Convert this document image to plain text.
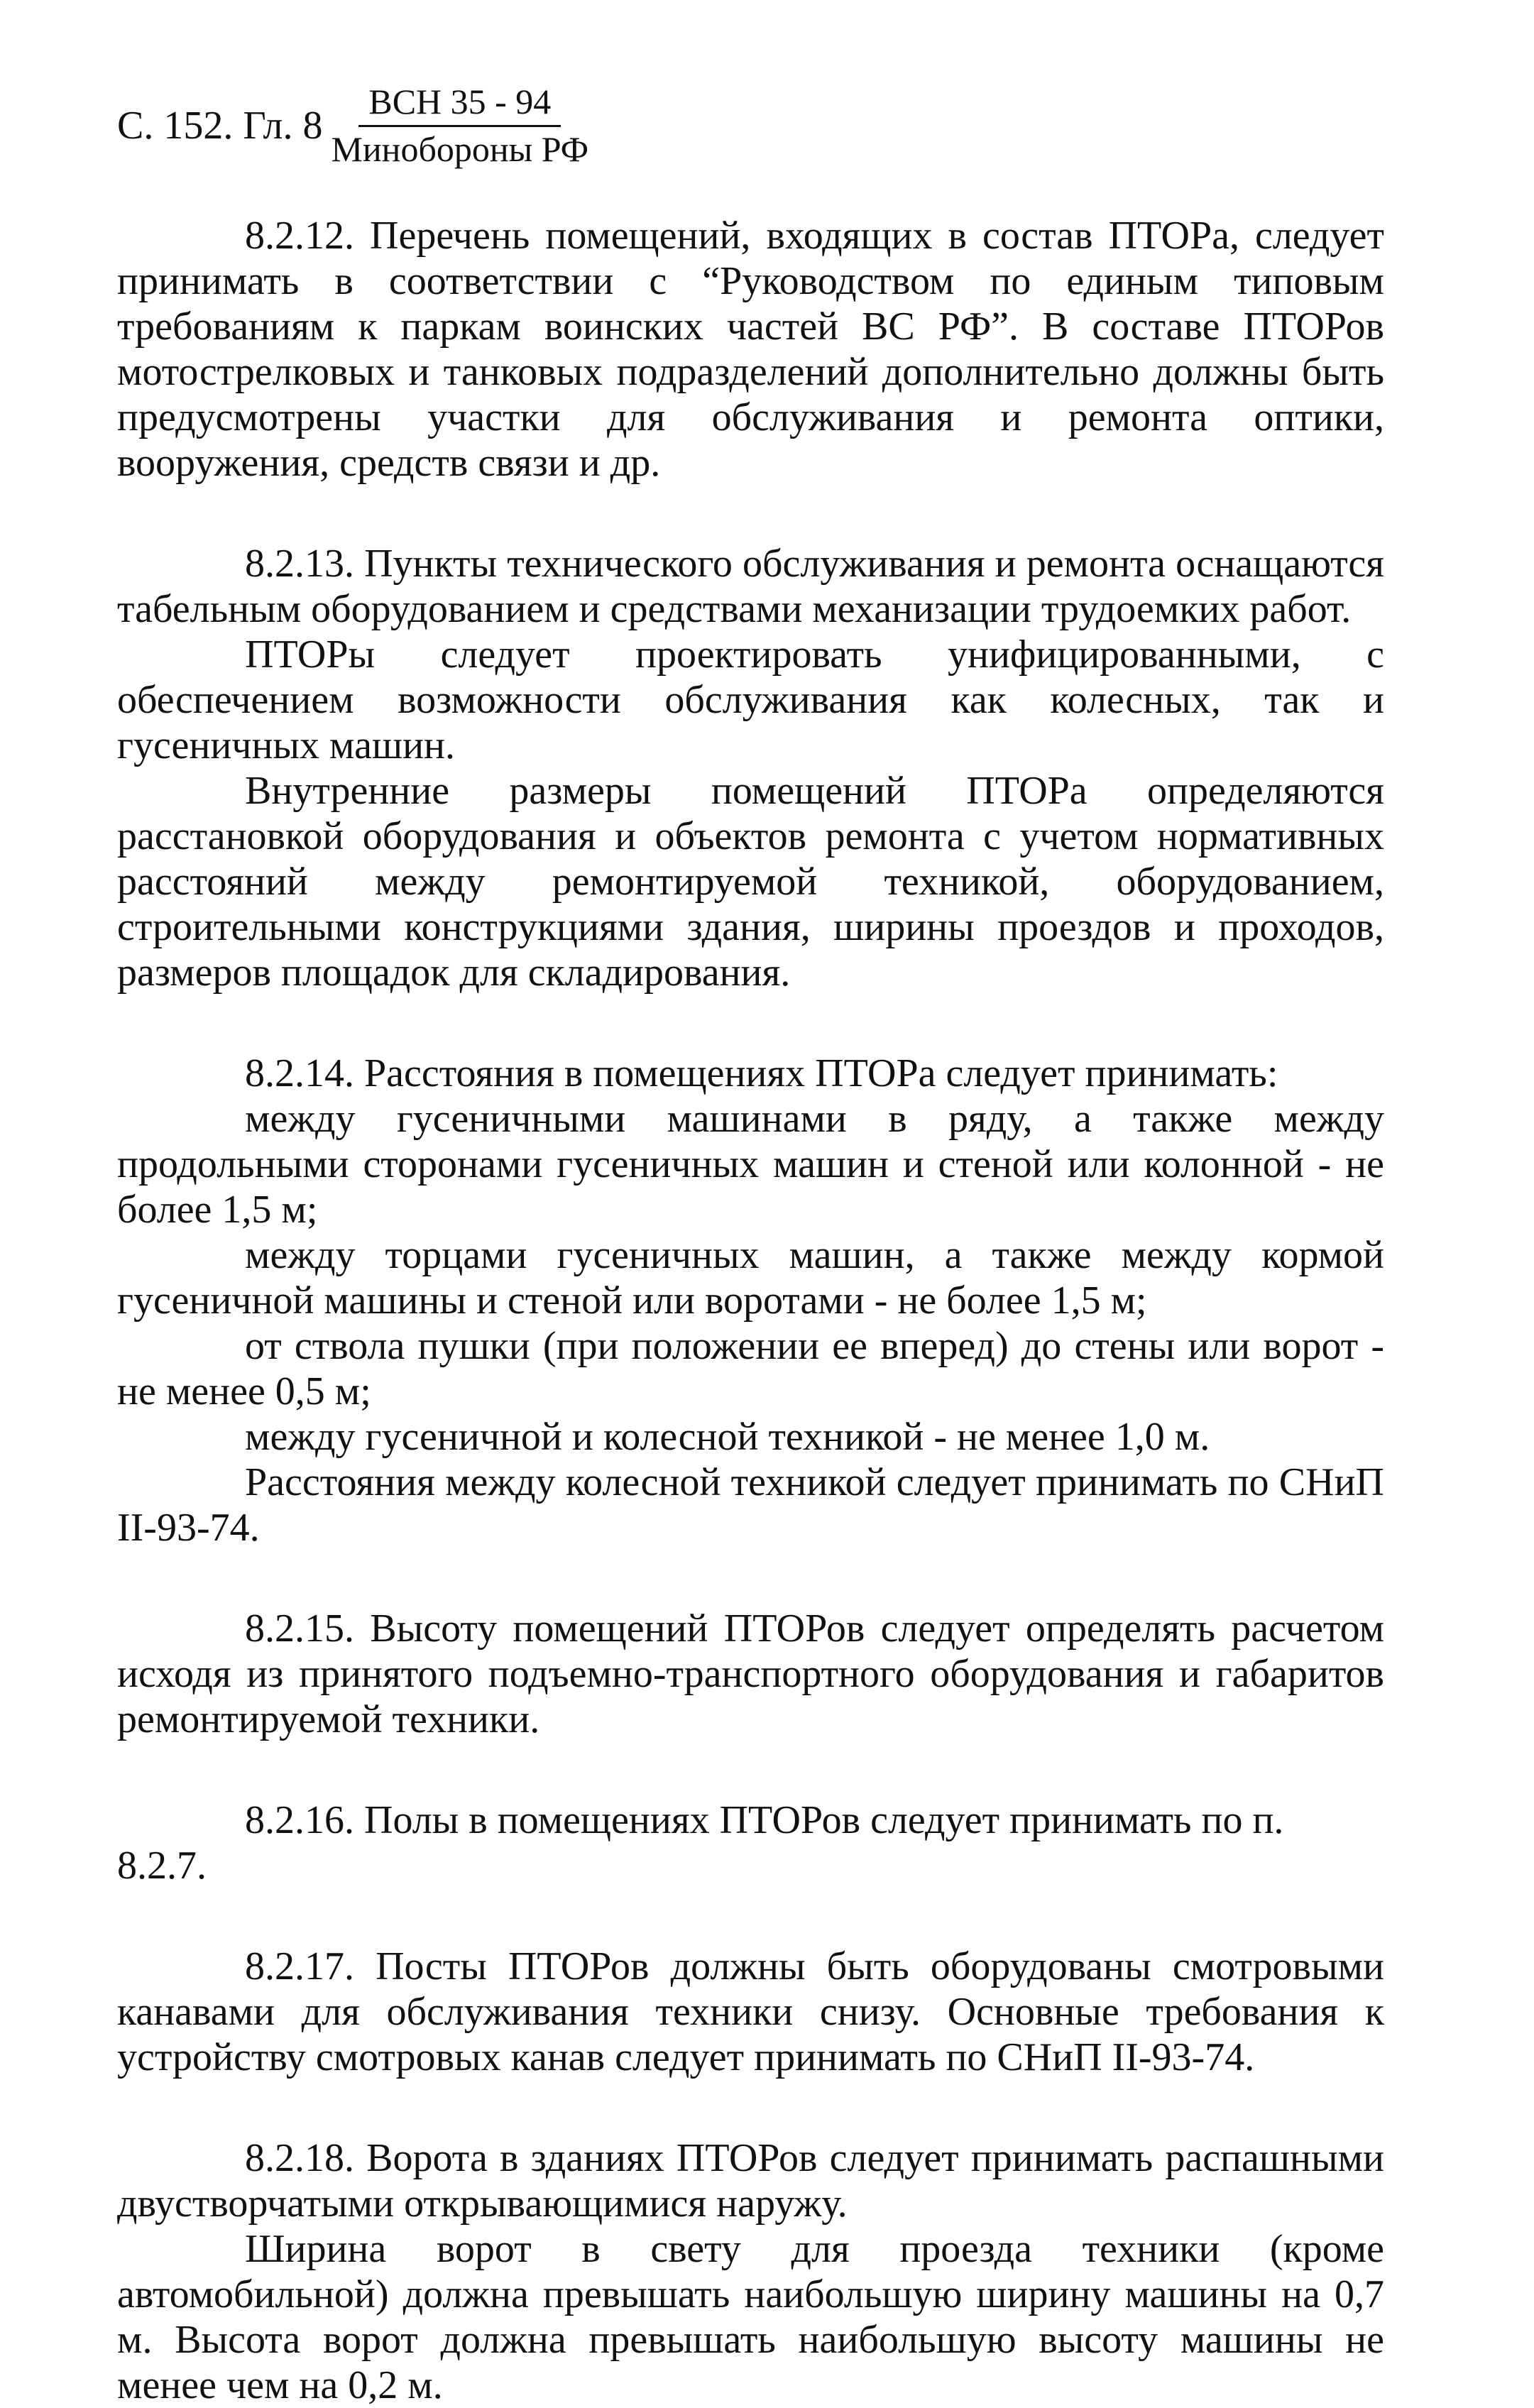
С. 152. Гл. $8 \frac{\text{ВСН 35 - 94}}{\text{Минобороны РФ}}$

8.2.12. Перечень помещений, входящих в состав ПТОРа, следует принимать в соответствии с “Руководством по единым типовым требованиям к паркам воинских частей ВС РФ”. В составе ПТОРов мотострелковых и танковых подразделений дополнительно должны быть предусмотрены участки для обслуживания и ремонта оптики, вооружения, средств связи и др.

8.2.13. Пункты технического обслуживания и ремонта оснащаются табельным оборудованием и средствами механизации трудоемких работ.

ПТОРы следует проектировать унифицированными, с обеспечением возможности обслуживания как колесных, так и гусеничных машин.

Внутренние размеры помещений ПТОРа определяются расстановкой оборудования и объектов ремонта с учетом нормативных расстояний между ремонтируемой техникой, оборудованием, строительными конструкциями здания, ширины проездов и проходов, размеров площадок для складирования.

8.2.14. Расстояния в помещениях ПТОРа следует принимать:

между гусеничными машинами в ряду, а также между продольными сторонами гусеничных машин и стеной или колонной - не более 1,5 м;

между торцами гусеничных машин, а также между кормой гусеничной машины и стеной или воротами - не более 1,5 м;

от ствола пушки (при положении ее вперед) до стены или ворот - не менее 0,5 м;

между гусеничной и колесной техникой - не менее 1,0 м.

Расстояния между колесной техникой следует принимать по СНиП II-93-74.

8.2.15. Высоту помещений ПТОРов следует определять расчетом исходя из принятого подъемно-транспортного оборудования и габаритов ремонтируемой техники.

8.2.16. Полы в помещениях ПТОРов следует принимать по п.

8.2.7.

8.2.17. Посты ПТОРов должны быть оборудованы смотровыми канавами для обслуживания техники снизу. Основные требования к устройству смотровых канав следует принимать по СНиП II-93-74.

8.2.18. Ворота в зданиях ПТОРов следует принимать распашными двустворчатыми открывающимися наружу.

Ширина ворот в свету для проезда техники (кроме автомобильной) должна превышать наибольшую ширину машины на 0,7 м. Высота ворот должна превышать наибольшую высоту машины не менее чем на 0,2 м.
